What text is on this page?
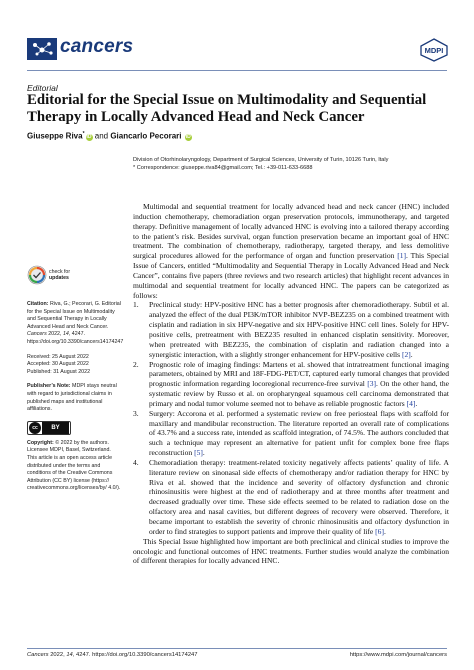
cancers	MDPI
Editorial
Editorial for the Special Issue on Multimodality and Sequential Therapy in Locally Advanced Head and Neck Cancer
Giuseppe Riva* iD and Giancarlo Pecorari iD

Division of Otorhinolaryngology, Department of Surgical Sciences, University of Turin, 10126 Turin, Italy

* Correspondence: giuseppe.riva84@gmail.com; Tel.: +39-011-633-6688

check for
updates

Citation: Riva, G.; Pecorari, G. Editorial for the Special Issue on Multimodality and Sequential Therapy in Locally Advanced Head and Neck Cancer. Cancers 2022, 14, 4247. https://doi.org/10.3390/cancers14174247

Received: 25 August 2022

Accepted: 30 August 2022

Published: 31 August 2022

Publisher’s Note: MDPI stays neutral with regard to jurisdictional claims in published maps and institutional affiliations.

cc	BY

Copyright: © 2022 by the authors. Licensee MDPI, Basel, Switzerland. This article is an open access article distributed under the terms and conditions of the Creative Commons Attribution (CC BY) license (https:// creativecommons.org/licenses/by/ 4.0/).

Multimodal and sequential treatment for locally advanced head and neck cancer (HNC) included induction chemotherapy, chemoradiation organ preservation protocols, immunotherapy, and targeted therapy. Definitive management of locally advanced HNC is evolving into a tailored therapy according to the patient’s risk. Besides survival, organ function preservation became an important goal of HNC treatment. The combination of chemotherapy, radiotherapy, targeted therapy, and less demolitive surgical procedures allowed for the performance of organ and function preservation [1]. This Special Issue of Cancers, entitled “Multimodality and Sequential Therapy in Locally Advanced Head and Neck Cancer”, contains five papers (three reviews and two research articles) that highlight recent advances in multimodal and sequential treatment for locally advanced HNC. The papers can be categorized as follows:

1. Preclinical study: HPV-positive HNC has a better prognosis after chemoradiotherapy. Subtil et al. analyzed the effect of the dual PI3K/mTOR inhibitor NVP-BEZ235 on a combined treatment with cisplatin and radiation in six HPV-negative and six HPV-positive HNC cell lines. Solely for HPV-positive cells, pretreatment with BEZ235 resulted in enhanced cisplatin sensitivity. Moreover, when pretreated with BEZ235, the combination of cisplatin and radiation changed into a synergistic interaction, with a slightly stronger enhancement for HPV-positive cells [2].
2. Prognostic role of imaging findings: Martens et al. showed that intratreatment functional imaging parameters, obtained by MRI and 18F-FDG-PET/CT, captured early tumoral changes that provided prognostic information regarding locoregional recurrence-free survival [3]. On the other hand, the systematic review by Russo et al. on oropharyngeal squamous cell carcinoma demonstrated that primary and nodal tumor volume seemed not to behave as reliable prognostic factors [4].
3. Surgery: Accorona et al. performed a systematic review on free periosteal flaps with scaffold for maxillary and mandibular reconstruction. The literature reported an overall rate of complications of 43.7% and a success rate, intended as scaffold integration, of 74.5%. The authors concluded that such a technique may represent an alternative for patient unfit for complex bone free flaps reconstruction [5].
4. Chemoradiation therapy: treatment-related toxicity negatively affects patients’ quality of life. A literature review on sinonasal side effects of chemotherapy and/or radiation therapy for HNC by Riva et al. showed that the incidence and severity of olfactory dysfunction and chronic rhinosinusitis were highest at the end of radiotherapy and at three months after treatment and decreased gradually over time. These side effects seemed to be related to radiation dose on the olfactory area and nasal cavities, but different degrees of recovery were observed. Therefore, it became important to establish the severity of chronic rhinosinusitis and olfactory dysfunction in order to find strategies to support patients and improve their quality of life [6].

This Special Issue highlighted how important are both preclinical and clinical studies to improve the oncologic and functional outcomes of HNC treatments. Further studies would analyze the combination of different therapies for locally advanced HNC.

Cancers 2022, 14, 4247. https://doi.org/10.3390/cancers14174247	https://www.mdpi.com/journal/cancers
